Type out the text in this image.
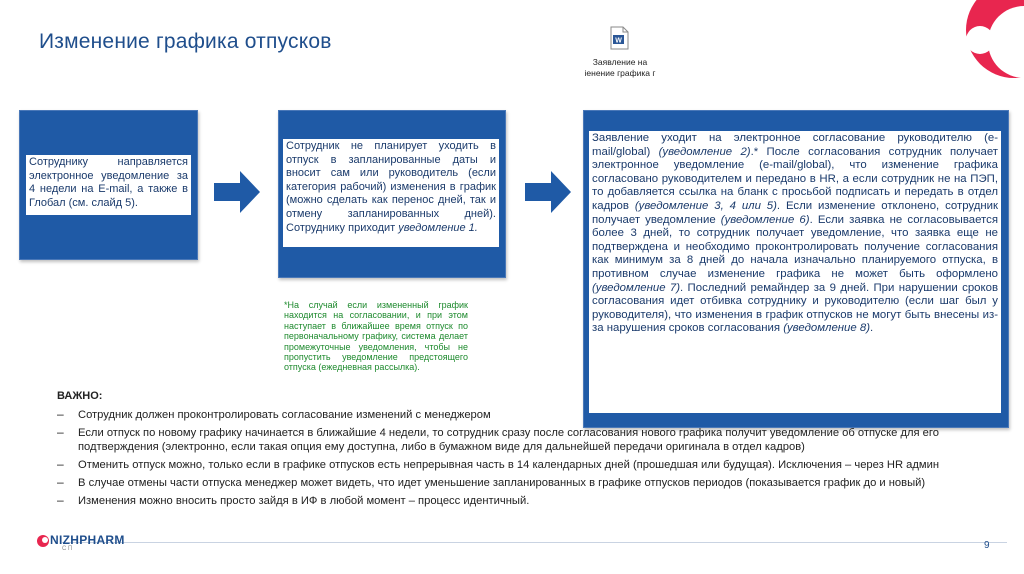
Изменение графика отпусков	W
Заявление на
іенение графика г
Сотруднику направляется электронное уведомление за 4 недели на E-mail, а также в Глобал (см. слайд 5).
Сотрудник не планирует уходить в отпуск в запланированные даты и вносит сам или руководитель (если категория рабочий) изменения в график (можно сделать как перенос дней, так и отмену запланированных дней). Сотруднику приходит уведомление 1.
Заявление уходит на электронное согласование руководителю (e-mail/global) (уведомление 2).* После согласования сотрудник получает электронное уведомление (e-mail/global), что изменение графика согласовано руководителем и передано в HR, а если сотрудник не на ПЭП, то добавляется ссылка на бланк с просьбой подписать и передать в отдел кадров (уведомление 3, 4 или 5). Если изменение отклонено, сотрудник получает уведомление (уведомление 6). Если заявка не согласовывается более 3 дней, то сотрудник получает уведомление, что заявка еще не подтверждена и необходимо проконтролировать получение согласования как минимум за 8 дней до начала изначально планируемого отпуска, в противном случае изменение графика не может быть оформлено (уведомление 7). Последний ремайндер за 9 дней. При нарушении сроков согласования идет отбивка сотруднику и руководителю (если шаг был у руководителя), что изменения в график отпусков не могут быть внесены из-за нарушения сроков согласования (уведомление 8).
*На случай если измененный график находится на согласовании, и при этом наступает в ближайшее время отпуск по первоначальному графику, система делает промежуточные уведомления, чтобы не пропустить уведомление предстоящего отпуска (ежедневная рассылка).
ВАЖНО:
– Сотрудник должен проконтролировать согласование изменений с менеджером
– Если отпуск по новому графику начинается в ближайшие 4 недели, то сотрудник сразу после согласования нового графика получит уведомление об отпуске для его подтверждения (электронно, если такая опция ему доступна, либо в бумажном виде для дальнейшей передачи оригинала в отдел кадров)
– Отменить отпуск можно, только если в графике отпусков есть непрерывная часть в 14 календарных дней (прошедшая или будущая). Исключения – через HR админ
– В случае отмены части отпуска менеджер может видеть, что идет уменьшение запланированных в графике отпусков периодов (показывается график до и новый)
– Изменения можно вносить просто зайдя в ИФ в любой момент – процесс идентичный.
NIZHPHARM
С П	9
